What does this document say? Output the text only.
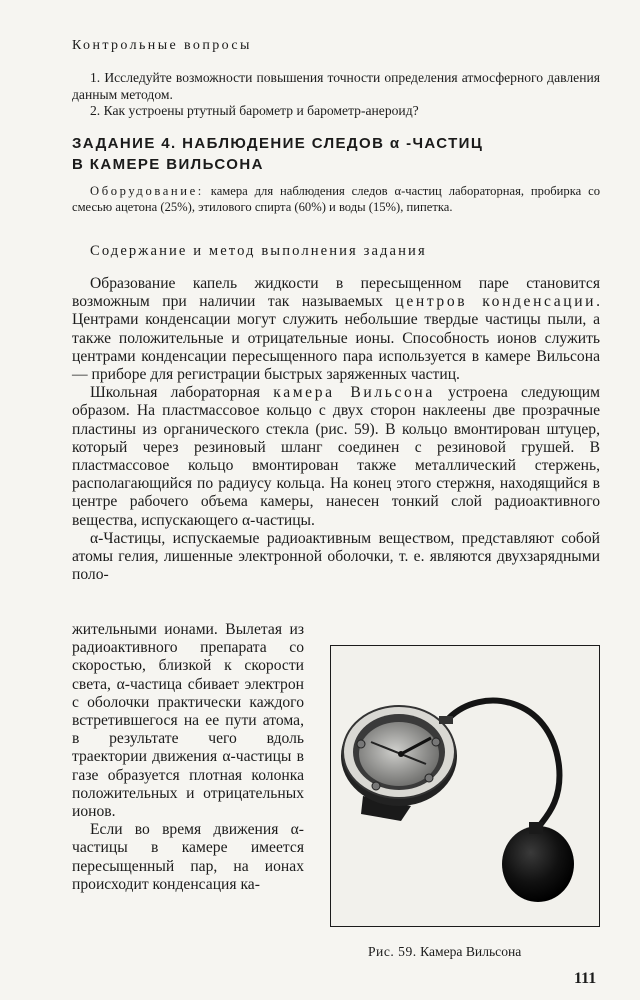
Контрольные вопросы

1. Исследуйте возможности повышения точности определения атмосферного давления данным методом.

2. Как устроены ртутный барометр и барометр-анероид?

ЗАДАНИЕ 4. НАБЛЮДЕНИЕ СЛЕДОВ α -ЧАСТИЦ
В КАМЕРЕ ВИЛЬСОНА
Оборудование: камера для наблюдения следов α-частиц лабораторная, пробирка со смесью ацетона (25%), этилового спирта (60%) и воды (15%), пипетка.
Содержание и метод выполнения задания

Образование капель жидкости в пересыщенном паре становится возможным при наличии так называемых центров конденсации. Центрами конденсации могут служить небольшие твердые частицы пыли, а также положительные и отрицательные ионы. Способность ионов служить центрами конденсации пересыщенного пара используется в камере Вильсона — приборе для регистрации быстрых заряженных частиц.

Школьная лабораторная камера Вильсона устроена следующим образом. На пластмассовое кольцо с двух сторон наклеены две прозрачные пластины из органического стекла (рис. 59). В кольцо вмонтирован штуцер, который через резиновый шланг соединен с резиновой грушей. В пластмассовое кольцо вмонтирован также металлический стержень, располагающийся по радиусу кольца. На конец этого стержня, находящийся в центре рабочего объема камеры, нанесен тонкий слой радиоактивного вещества, испускающего α-частицы.

α-Частицы, испускаемые радиоактивным веществом, представляют собой атомы гелия, лишенные электронной оболочки, т. е. являются двухзарядными поло-

жительными ионами. Вылетая из радиоактивного препарата со скоростью, близкой к скорости света, α-частица сбивает электрон с оболочки практически каждого встретившегося на ее пути атома, в результате чего вдоль траектории движения α-частицы в газе образуется плотная колонка положительных и отрицательных ионов.

Если во время движения α-частицы в камере имеется пересыщенный пар, на ионах происходит конденсация ка-

Рис. 59. Камера Вильсона
111
